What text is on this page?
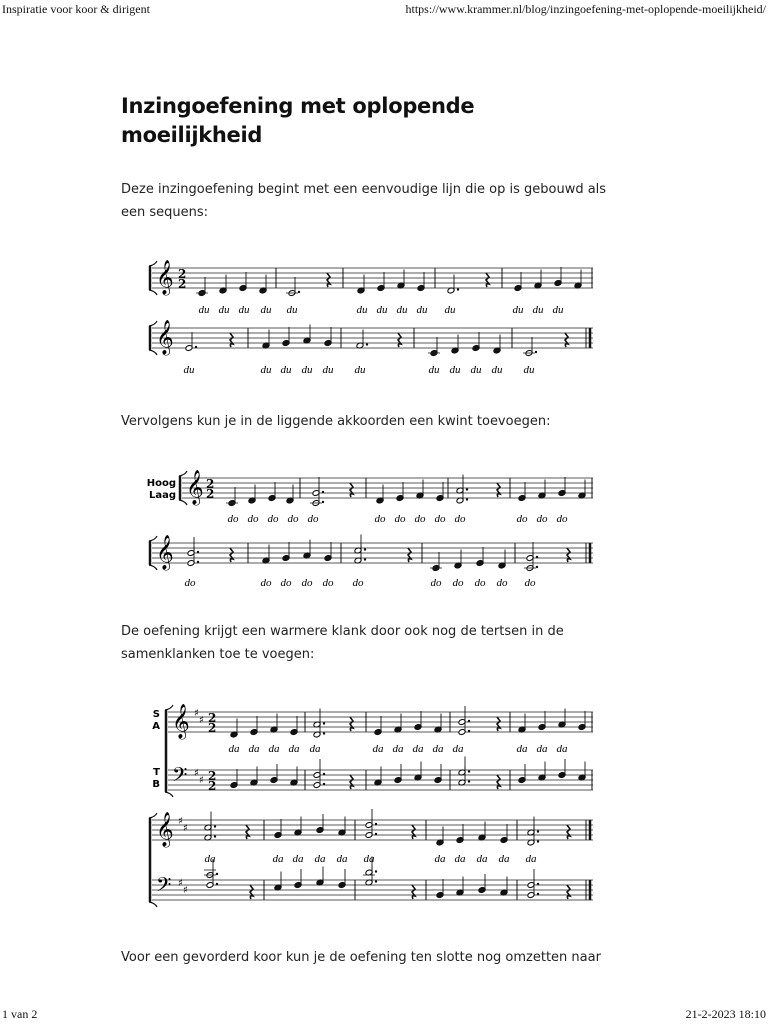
Inspiratie voor koor & dirigent	https://www.krammer.nl/blog/inzingoefening-met-oplopende-moeilijkheid/
Inzingoefening met oplopende moeilijkheid

Deze inzingoefening begint met een eenvoudige lijn die op is gebouwd als een sequens:

Vervolgens kun je in de liggende akkoorden een kwint toevoegen:

De oefening krijgt een warmere klank door ook nog de tertsen in de samenklanken toe te voegen:

Voor een gevorderd koor kun je de oefening ten slotte nog omzetten naar

𝄞 2
2
du du du du du	du du du du du	du du du
𝄞
du	du du du du du	du du du du du
Hoog
Laag 𝄞 2
2
do do do do do	do do do do do	do do do
𝄞
do	do do do do do	do do do do do
S
A
T
B
𝄞 ♯
♯ 2
2
𝄢 ♯
♯ 2
2
da da da da da	da da da da da	da da da
𝄞 ♯
♯
𝄢 ♯
♯
da	da da da da da	da da da da da
1 van 2	21-2-2023 18:10
